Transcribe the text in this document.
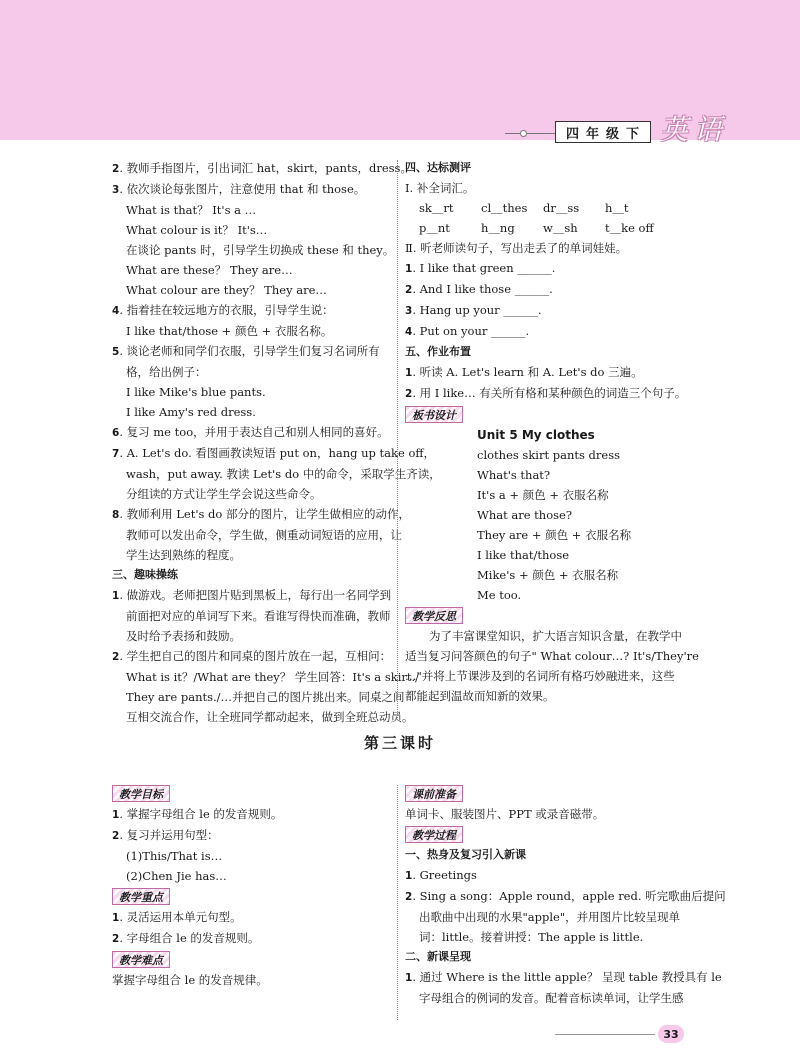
四年级下 英语

2. 教师手指图片，引出词汇 hat，skirt，pants，dress。

3. 依次谈论每张图片，注意使用 that 和 those。

What is that？ It's a …

What colour is it？ It's…

在谈论 pants 时，引导学生切换成 these 和 they。

What are these？ They are…

What colour are they？ They are…

4. 指着挂在较远地方的衣服，引导学生说：

I like that/those + 颜色 + 衣服名称。

5. 谈论老师和同学们衣服，引导学生们复习名词所有

格，给出例子：

I like Mike's blue pants.

I like Amy's red dress.

6. 复习 me too，并用于表达自己和别人相同的喜好。

7. A. Let's do. 看图画教读短语 put on，hang up take off，

wash，put away. 教读 Let's do 中的命令，采取学生齐读，

分组读的方式让学生学会说这些命令。

8. 教师利用 Let's do 部分的图片，让学生做相应的动作，

教师可以发出命令，学生做，侧重动词短语的应用，让

学生达到熟练的程度。

三、趣味操练

1. 做游戏。老师把图片贴到黑板上，每行出一名同学到

前面把对应的单词写下来。看谁写得快而准确，教师

及时给予表扬和鼓励。

2. 学生把自己的图片和同桌的图片放在一起，互相问：

What is it？/What are they？ 学生回答：It's a skirt./

They are pants./…并把自己的图片挑出来。同桌之间

互相交流合作，让全班同学都动起来，做到全班总动员。

四、达标测评

Ⅰ. 补全词汇。

sk＿rt cl＿thes dr＿ss h＿t

p＿nt	h＿ng w＿sh t＿ke off

Ⅱ. 听老师读句子，写出走丢了的单词娃娃。

1. I like that green ______.

2. And I like those ______.

3. Hang up your ______.

4. Put on your ______.

五、作业布置

1. 听读 A. Let's learn 和 A. Let's do 三遍。

2. 用 I like… 有关所有格和某种颜色的词造三个句子。

板书设计

Unit 5 My clothes

clothes skirt pants dress

What's that?

It's a + 颜色 + 衣服名称

What are those?

They are + 颜色 + 衣服名称

I like that/those

Mike's + 颜色 + 衣服名称

Me too.

教学反思

为了丰富课堂知识，扩大语言知识含量，在教学中

适当复习问答颜色的句子" What colour…? It's/They're

…"并将上节课涉及到的名词所有格巧妙融进来，这些

都能起到温故而知新的效果。

第三课时

教学目标

1. 掌握字母组合 le 的发音规则。

2. 复习并运用句型：

(1)This/That is…

(2)Chen Jie has…

教学重点

1. 灵活运用本单元句型。

2. 字母组合 le 的发音规则。

教学难点

掌握字母组合 le 的发音规律。

课前准备

单词卡、服装图片、PPT 或录音磁带。

教学过程

一、热身及复习引入新课

1. Greetings

2. Sing a song：Apple round，apple red. 听完歌曲后提问

出歌曲中出现的水果"apple"，并用图片比较呈现单

词：little。接着讲授：The apple is little.

二、新课呈现

1. 通过 Where is the little apple？ 呈现 table 教授具有 le

字母组合的例词的发音。配着音标读单词，让学生感

33
